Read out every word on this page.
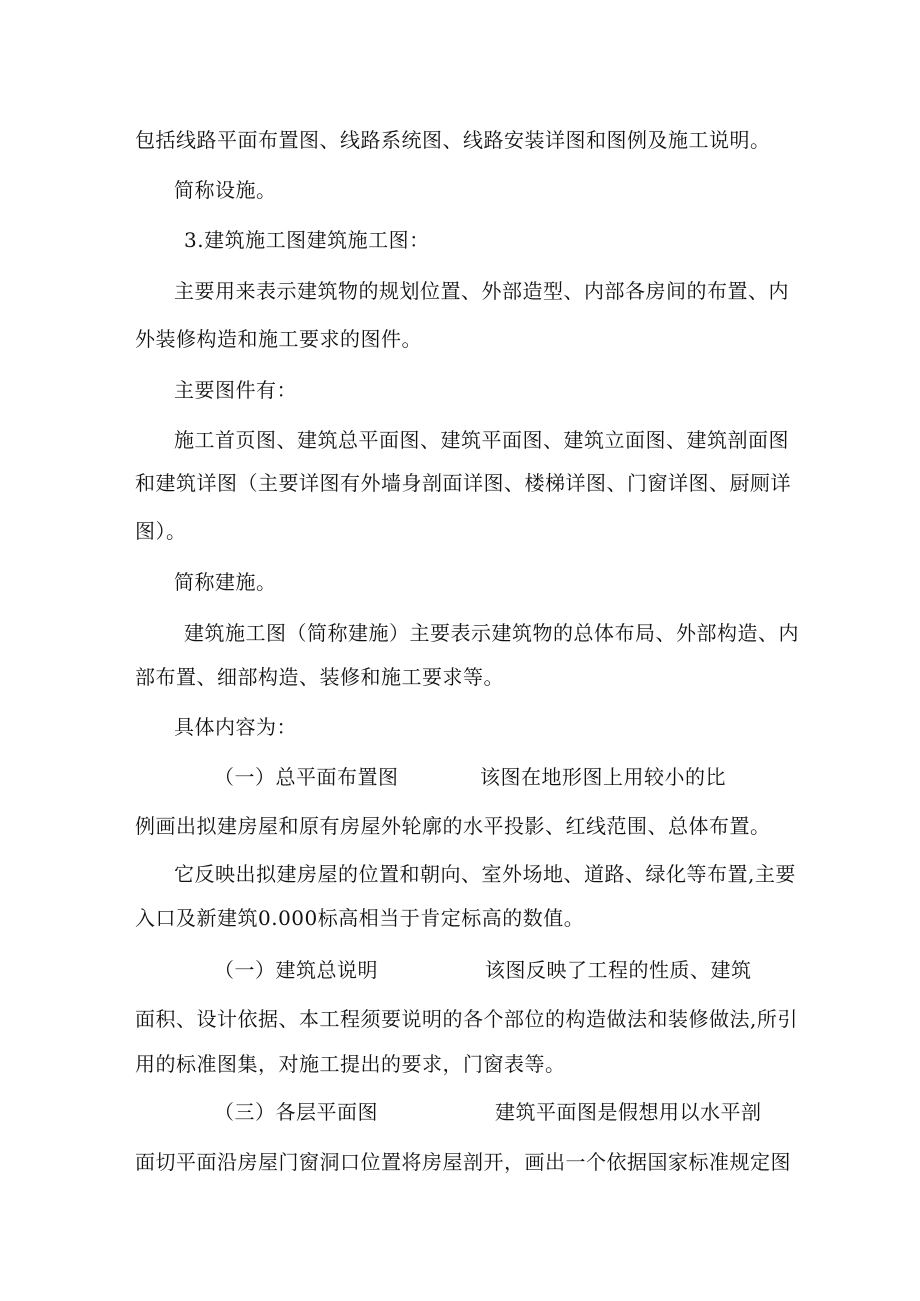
包括线路平面布置图、线路系统图、线路安装详图和图例及施工说明。
简称设施。
3.建筑施工图建筑施工图：
主要用来表示建筑物的规划位置、外部造型、内部各房间的布置、内
外装修构造和施工要求的图件。
主要图件有：
施工首页图、建筑总平面图、建筑平面图、建筑立面图、建筑剖面图
和建筑详图（主要详图有外墙身剖面详图、楼梯详图、门窗详图、厨厕详
图）。
简称建施。
建筑施工图（简称建施）主要表示建筑物的总体布局、外部构造、内
部布置、细部构造、装修和施工要求等。
具体内容为：
（一）总平面布置图	该图在地形图上用较小的比
例画出拟建房屋和原有房屋外轮廓的水平投影、红线范围、总体布置。
它反映出拟建房屋的位置和朝向、室外场地、道路、绿化等布置,主要
入口及新建筑0.000标高相当于肯定标高的数值。
（一）建筑总说明	该图反映了工程的性质、建筑
面积、设计依据、本工程须要说明的各个部位的构造做法和装修做法,所引
用的标准图集，对施工提出的要求，门窗表等。
（三）各层平面图	建筑平面图是假想用以水平剖
面切平面沿房屋门窗洞口位置将房屋剖开，画出一个依据国家标准规定图
